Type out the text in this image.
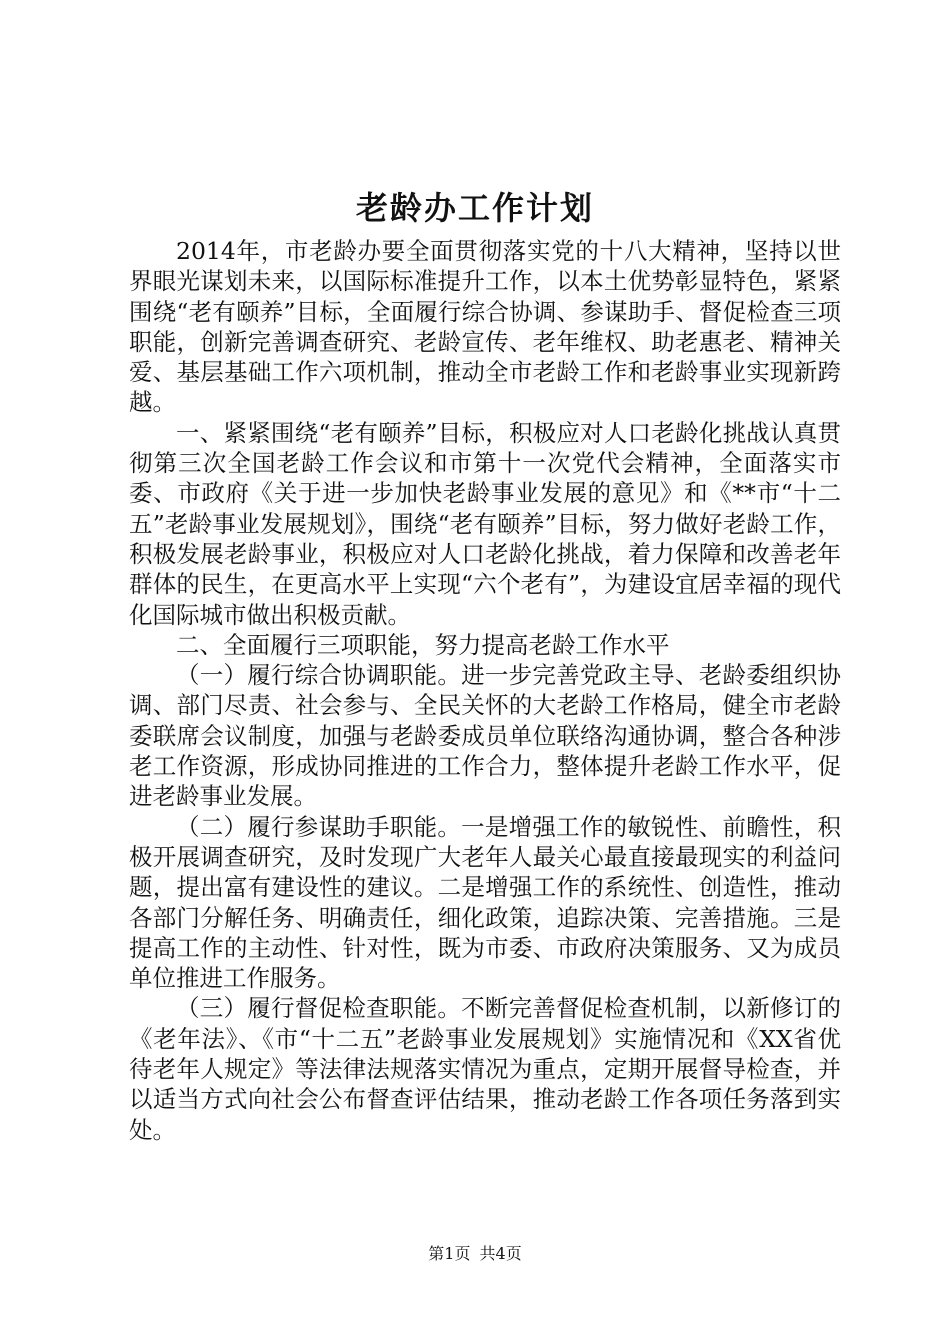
老龄办工作计划

2014年，市老龄办要全面贯彻落实党的十八大精神，坚持以世界眼光谋划未来，以国际标准提升工作，以本土优势彰显特色，紧紧围绕“老有颐养”目标，全面履行综合协调、参谋助手、督促检查三项职能，创新完善调查研究、老龄宣传、老年维权、助老惠老、精神关爱、基层基础工作六项机制，推动全市老龄工作和老龄事业实现新跨越。

一、紧紧围绕“老有颐养”目标，积极应对人口老龄化挑战认真贯彻第三次全国老龄工作会议和市第十一次党代会精神，全面落实市委、市政府《关于进一步加快老龄事业发展的意见》和《**市“十二五”老龄事业发展规划》，围绕“老有颐养”目标，努力做好老龄工作，积极发展老龄事业，积极应对人口老龄化挑战，着力保障和改善老年群体的民生，在更高水平上实现“六个老有”，为建设宜居幸福的现代化国际城市做出积极贡献。

二、全面履行三项职能，努力提高老龄工作水平

（一）履行综合协调职能。进一步完善党政主导、老龄委组织协调、部门尽责、社会参与、全民关怀的大老龄工作格局，健全市老龄委联席会议制度，加强与老龄委成员单位联络沟通协调，整合各种涉老工作资源，形成协同推进的工作合力，整体提升老龄工作水平，促进老龄事业发展。

（二）履行参谋助手职能。一是增强工作的敏锐性、前瞻性，积极开展调查研究，及时发现广大老年人最关心最直接最现实的利益问题，提出富有建设性的建议。二是增强工作的系统性、创造性，推动各部门分解任务、明确责任，细化政策，追踪决策、完善措施。三是提高工作的主动性、针对性，既为市委、市政府决策服务、又为成员单位推进工作服务。

（三）履行督促检查职能。不断完善督促检查机制，以新修订的《老年法》、《市“十二五”老龄事业发展规划》实施情况和《XX省优待老年人规定》等法律法规落实情况为重点，定期开展督导检查，并以适当方式向社会公布督查评估结果，推动老龄工作各项任务落到实处。

第1页 共4页
